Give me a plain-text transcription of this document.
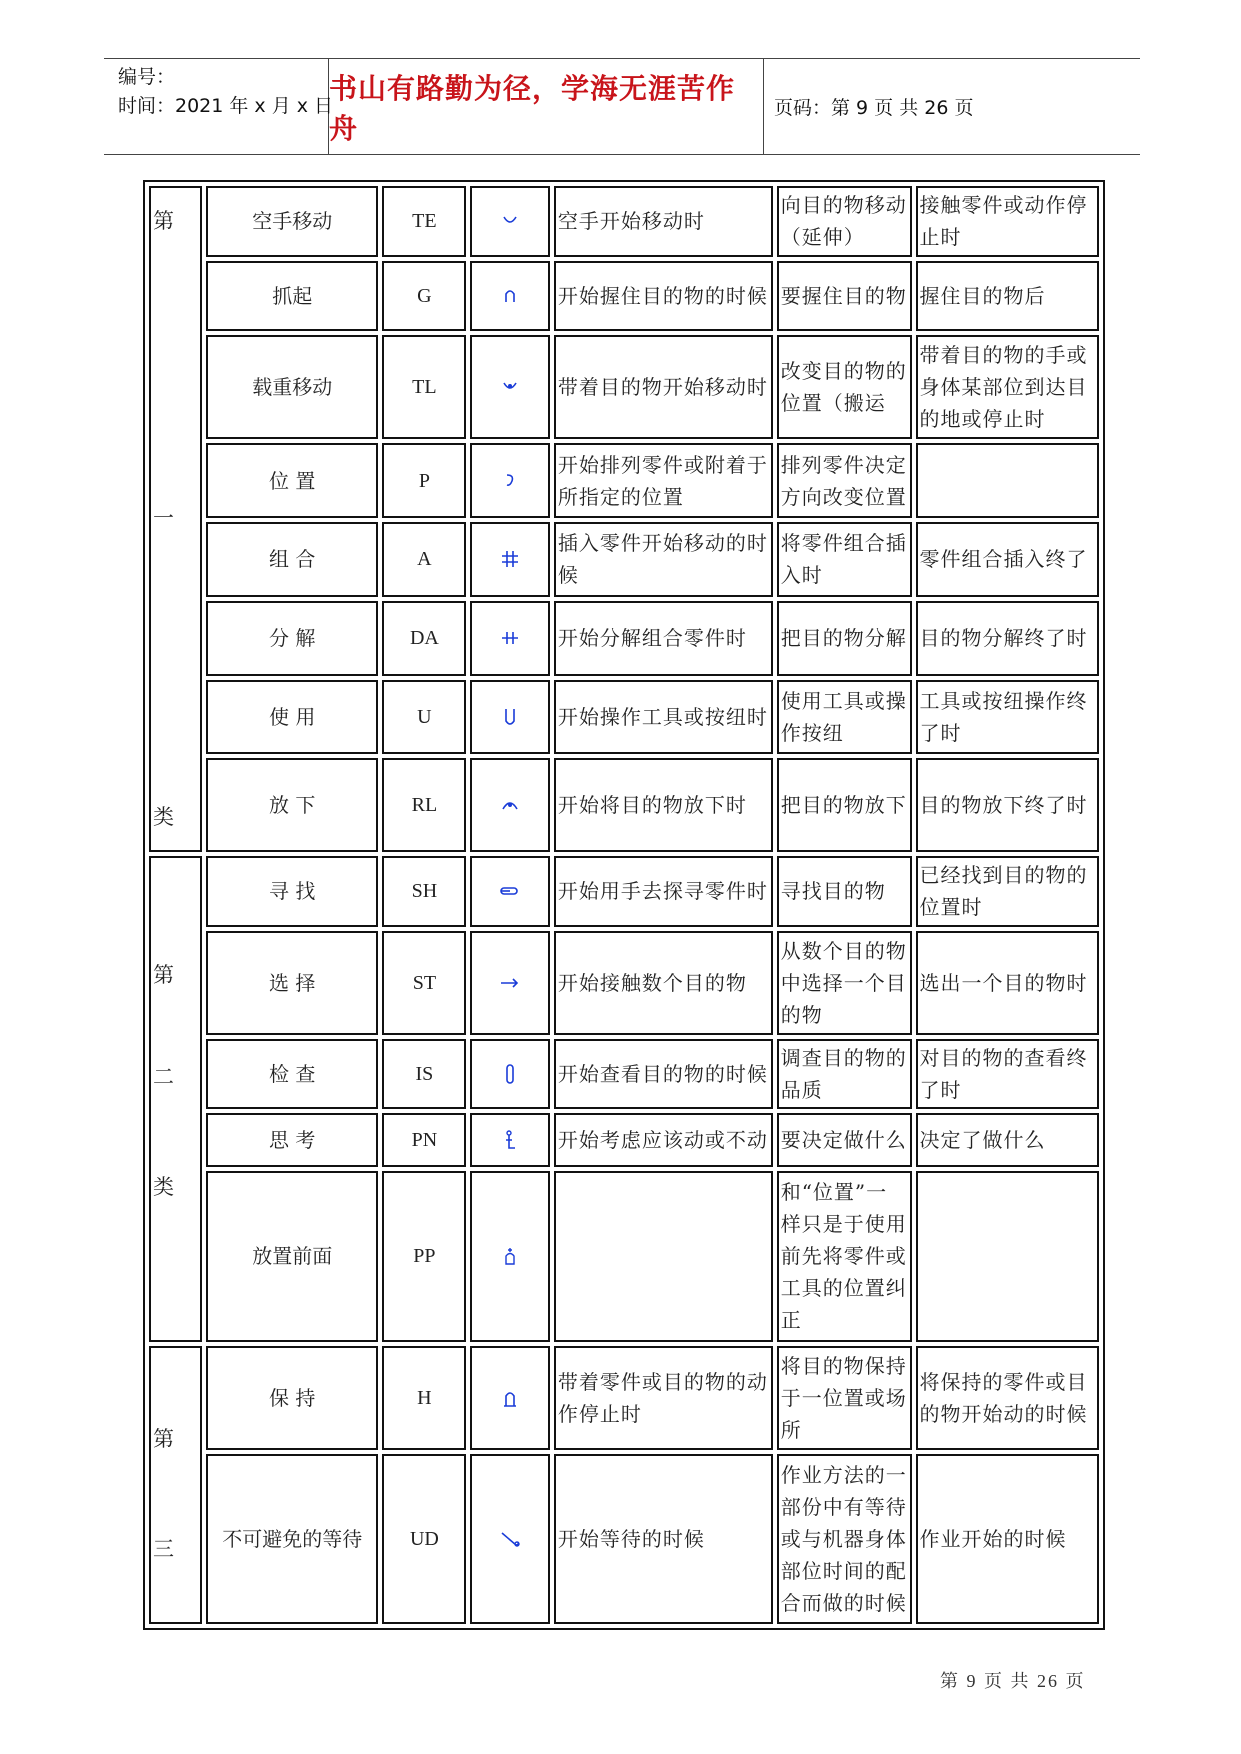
编号：
时间：2021 年 x 月 x 日
书山有路勤为径，学海无涯苦作舟
页码：第 9 页 共 26 页
第
一
类	空手移动	TE		空手开始移动时	向目的物移动（延伸）	接触零件或动作停止时
	抓起	G		开始握住目的物的时候	要握住目的物	握住目的物后
	载重移动	TL		带着目的物开始移动时	改变目的物的位置（搬运	带着目的物的手或身体某部位到达目的地或停止时
	位 置	P		开始排列零件或附着于所指定的位置	排列零件决定方向改变位置	
	组 合	A		插入零件开始移动的时候	将零件组合插入时	零件组合插入终了
	分 解	DA		开始分解组合零件时	把目的物分解	目的物分解终了时
	使 用	U		开始操作工具或按纽时	使用工具或操作按纽	工具或按纽操作终了时
	放 下	RL		开始将目的物放下时	把目的物放下	目的物放下终了时

第
二
类	寻 找	SH		开始用手去探寻零件时	寻找目的物	已经找到目的物的位置时
	选 择	ST		开始接触数个目的物	从数个目的物中选择一个目的物	选出一个目的物时
	检 查	IS		开始查看目的物的时候	调查目的物的品质	对目的物的查看终了时
	思 考	PN		开始考虑应该动或不动	要决定做什么	决定了做什么
	放置前面	PP			和“位置”一样只是于使用前先将零件或工具的位置纠正	

第
三	保 持	H		带着零件或目的物的动作停止时	将目的物保持于一位置或场所	将保持的零件或目的物开始动的时候
	不可避免的等待	UD		开始等待的时候	作业方法的一部份中有等待或与机器身体部位时间的配合而做的时候	作业开始的时候
第 9 页 共 26 页
